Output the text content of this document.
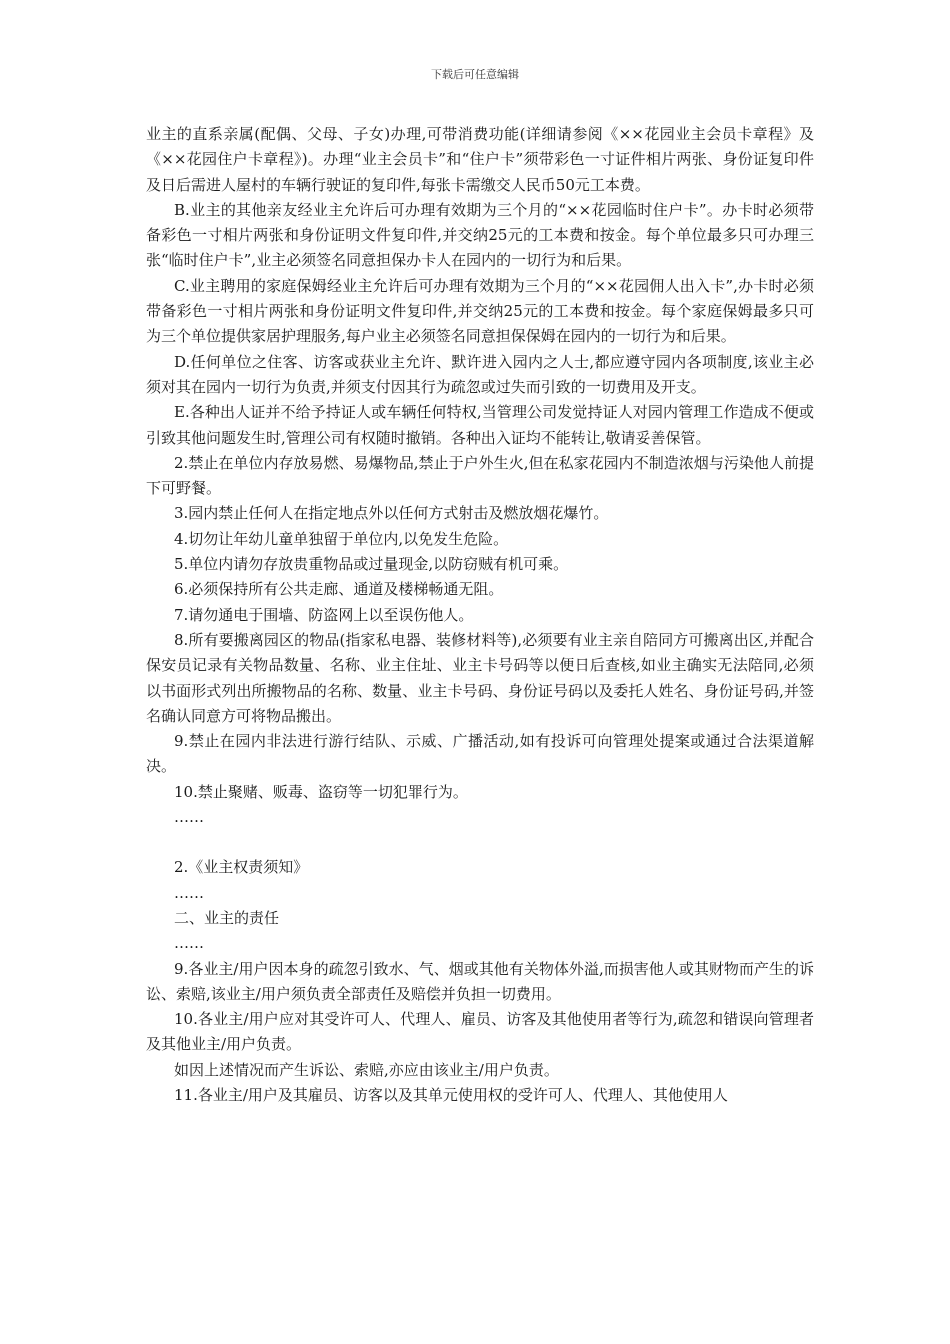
下载后可任意编辑

业主的直系亲属(配偶、父母、子女)办理,可带消费功能(详细请参阅《××花园业主会员卡章程》及《××花园住户卡章程》)。办理“业主会员卡”和“住户卡”须带彩色一寸证件相片两张、身份证复印件及日后需进人屋村的车辆行驶证的复印件,每张卡需缴交人民币50元工本费。

B.业主的其他亲友经业主允许后可办理有效期为三个月的“××花园临时住户卡”。办卡时必须带备彩色一寸相片两张和身份证明文件复印件,并交纳25元的工本费和按金。每个单位最多只可办理三张“临时住户卡”,业主必须签名同意担保办卡人在园内的一切行为和后果。

C.业主聘用的家庭保姆经业主允许后可办理有效期为三个月的“××花园佣人出入卡”,办卡时必须带备彩色一寸相片两张和身份证明文件复印件,并交纳25元的工本费和按金。每个家庭保姆最多只可为三个单位提供家居护理服务,每户业主必须签名同意担保保姆在园内的一切行为和后果。

D.任何单位之住客、访客或获业主允许、默许进入园内之人士,都应遵守园内各项制度,该业主必须对其在园内一切行为负责,并须支付因其行为疏忽或过失而引致的一切费用及开支。

E.各种出人证并不给予持证人或车辆任何特权,当管理公司发觉持证人对园内管理工作造成不便或引致其他问题发生时,管理公司有权随时撤销。各种出入证均不能转让,敬请妥善保管。

2.禁止在单位内存放易燃、易爆物品,禁止于户外生火,但在私家花园内不制造浓烟与污染他人前提下可野餐。

3.园内禁止任何人在指定地点外以任何方式射击及燃放烟花爆竹。

4.切勿让年幼儿童单独留于单位内,以免发生危险。

5.单位内请勿存放贵重物品或过量现金,以防窃贼有机可乘。

6.必须保持所有公共走廊、通道及楼梯畅通无阻。

7.请勿通电于围墙、防盗网上以至误伤他人。

8.所有要搬离园区的物品(指家私电器、装修材料等),必须要有业主亲自陪同方可搬离出区,并配合保安员记录有关物品数量、名称、业主住址、业主卡号码等以便日后查核,如业主确实无法陪同,必须以书面形式列出所搬物品的名称、数量、业主卡号码、身份证号码以及委托人姓名、身份证号码,并签名确认同意方可将物品搬出。

9.禁止在园内非法进行游行结队、示威、广播活动,如有投诉可向管理处提案或通过合法渠道解决。

10.禁止聚赌、贩毒、盗窃等一切犯罪行为。

……

2.《业主权责须知》

……

二、业主的责任

……

9.各业主/用户因本身的疏忽引致水、气、烟或其他有关物体外溢,而损害他人或其财物而产生的诉讼、索赔,该业主/用户须负责全部责任及赔偿并负担一切费用。

10.各业主/用户应对其受许可人、代理人、雇员、访客及其他使用者等行为,疏忽和错误向管理者及其他业主/用户负责。

如因上述情况而产生诉讼、索赔,亦应由该业主/用户负责。

11.各业主/用户及其雇员、访客以及其单元使用权的受许可人、代理人、其他使用人
